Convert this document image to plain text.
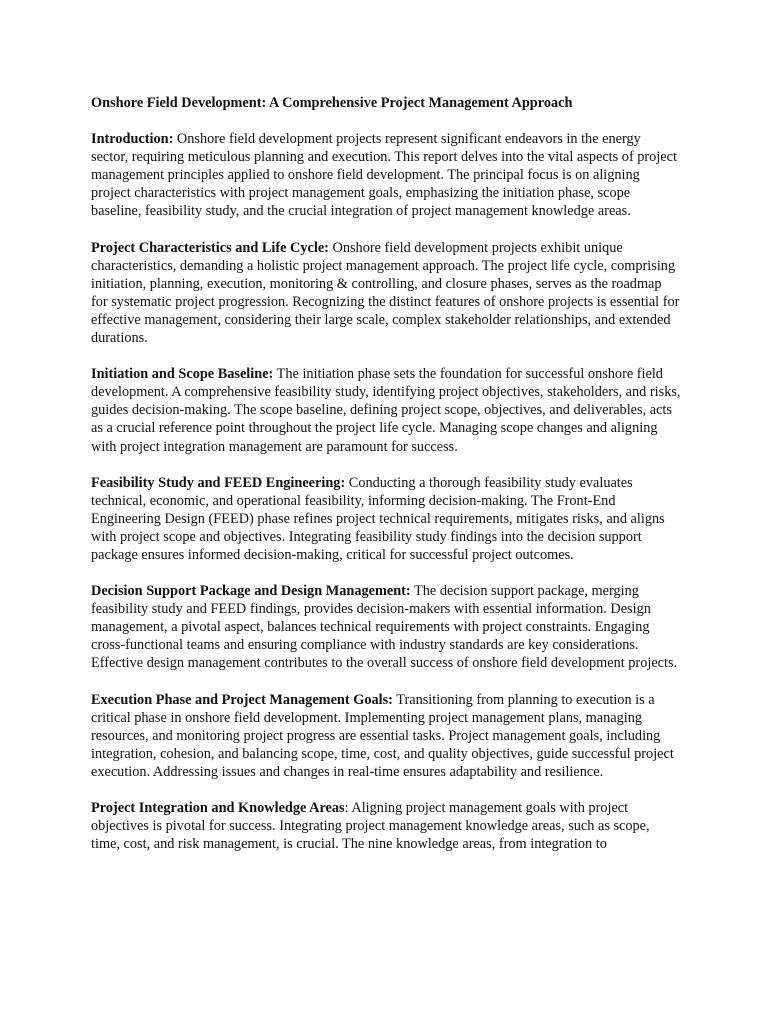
Onshore Field Development: A Comprehensive Project Management Approach
Introduction: Onshore field development projects represent significant endeavors in the energy sector, requiring meticulous planning and execution. This report delves into the vital aspects of project management principles applied to onshore field development. The principal focus is on aligning project characteristics with project management goals, emphasizing the initiation phase, scope baseline, feasibility study, and the crucial integration of project management knowledge areas.
Project Characteristics and Life Cycle: Onshore field development projects exhibit unique characteristics, demanding a holistic project management approach. The project life cycle, comprising initiation, planning, execution, monitoring & controlling, and closure phases, serves as the roadmap for systematic project progression. Recognizing the distinct features of onshore projects is essential for effective management, considering their large scale, complex stakeholder relationships, and extended durations.
Initiation and Scope Baseline: The initiation phase sets the foundation for successful onshore field development. A comprehensive feasibility study, identifying project objectives, stakeholders, and risks, guides decision-making. The scope baseline, defining project scope, objectives, and deliverables, acts as a crucial reference point throughout the project life cycle. Managing scope changes and aligning with project integration management are paramount for success.
Feasibility Study and FEED Engineering: Conducting a thorough feasibility study evaluates technical, economic, and operational feasibility, informing decision-making. The Front-End Engineering Design (FEED) phase refines project technical requirements, mitigates risks, and aligns with project scope and objectives. Integrating feasibility study findings into the decision support package ensures informed decision-making, critical for successful project outcomes.
Decision Support Package and Design Management: The decision support package, merging feasibility study and FEED findings, provides decision-makers with essential information. Design management, a pivotal aspect, balances technical requirements with project constraints. Engaging cross-functional teams and ensuring compliance with industry standards are key considerations. Effective design management contributes to the overall success of onshore field development projects.
Execution Phase and Project Management Goals: Transitioning from planning to execution is a critical phase in onshore field development. Implementing project management plans, managing resources, and monitoring project progress are essential tasks. Project management goals, including integration, cohesion, and balancing scope, time, cost, and quality objectives, guide successful project execution. Addressing issues and changes in real-time ensures adaptability and resilience.
Project Integration and Knowledge Areas: Aligning project management goals with project objectives is pivotal for success. Integrating project management knowledge areas, such as scope, time, cost, and risk management, is crucial. The nine knowledge areas, from integration to
